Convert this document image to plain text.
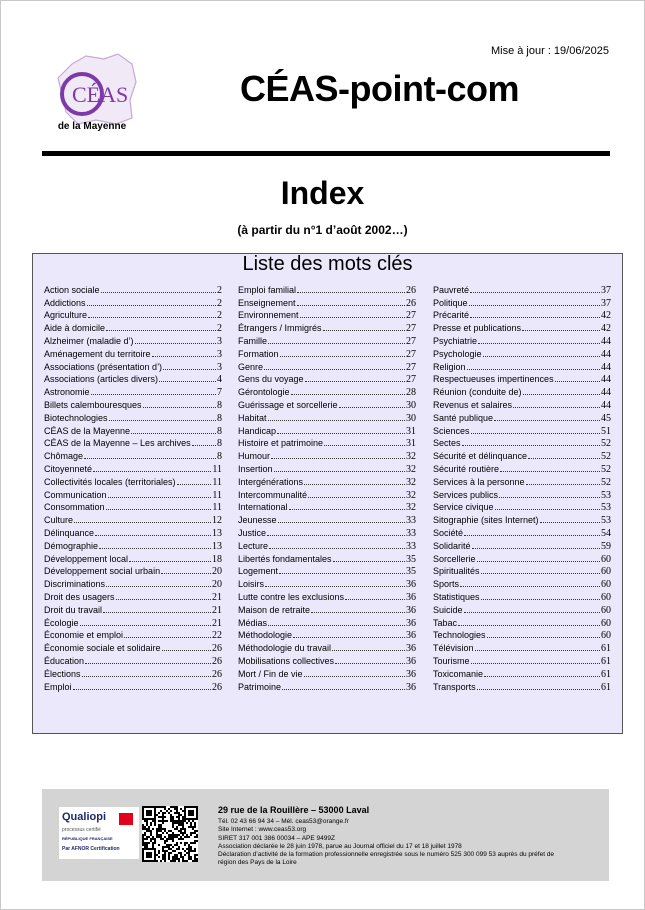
CÉAS
de la Mayenne
Mise à jour : 19/06/2025
CÉAS-point-com
Index
(à partir du n°1 d’août 2002…)
Liste des mots clés
Action sociale	2
Addictions	2
Agriculture	2
Aide à domicile	2
Alzheimer (maladie d’)	3
Aménagement du territoire	3
Associations (présentation d’)	3
Associations (articles divers)	4
Astronomie	7
Billets calembouresques	8
Biotechnologies	8
CÉAS de la Mayenne	8
CÉAS de la Mayenne – Les archives	8
Chômage	8
Citoyenneté	11
Collectivités locales (territoriales)	11
Communication	11
Consommation	11
Culture	12
Délinquance	13
Démographie	13
Développement local	18
Développement social urbain	20
Discriminations	20
Droit des usagers	21
Droit du travail	21
Écologie	21
Économie et emploi	22
Économie sociale et solidaire	26
Éducation	26
Élections	26
Emploi	26
Emploi familial	26
Enseignement	26
Environnement	27
Étrangers / Immigrés	27
Famille	27
Formation	27
Genre	27
Gens du voyage	27
Gérontologie	28
Guérissage et sorcellerie	30
Habitat	30
Handicap	31
Histoire et patrimoine	31
Humour	32
Insertion	32
Intergénérations	32
Intercommunalité	32
International	32
Jeunesse	33
Justice	33
Lecture	33
Libertés fondamentales	35
Logement	35
Loisirs	36
Lutte contre les exclusions	36
Maison de retraite	36
Médias	36
Méthodologie	36
Méthodologie du travail	36
Mobilisations collectives	36
Mort / Fin de vie	36
Patrimoine	36
Pauvreté	37
Politique	37
Précarité	42
Presse et publications	42
Psychiatrie	44
Psychologie	44
Religion	44
Respectueuses impertinences	44
Réunion (conduite de)	44
Revenus et salaires	44
Santé publique	45
Sciences	51
Sectes	52
Sécurité et délinquance	52
Sécurité routière	52
Services à la personne	52
Services publics	53
Service civique	53
Sitographie (sites Internet)	53
Société	54
Solidarité	59
Sorcellerie	60
Spiritualités	60
Sports	60
Statistiques	60
Suicide	60
Tabac	60
Technologies	60
Télévision	61
Tourisme	61
Toxicomanie	61
Transports	61
Qualiopi
processus certifié
RÉPUBLIQUE FRANÇAISE
Par AFNOR Certification
29 rue de la Rouillère – 53000 Laval
Tél. 02 43 66 94 34 – Mél. ceas53@orange.fr
Site Internet : www.ceas53.org
SIRET 317 001 386 00034 – APE 9499Z
Association déclarée le 28 juin 1978, parue au Journal officiel du 17 et 18 juillet 1978
Déclaration d’activité de la formation professionnelle enregistrée sous le numéro 525 300 099 53 auprès du préfet de
région des Pays de la Loire
